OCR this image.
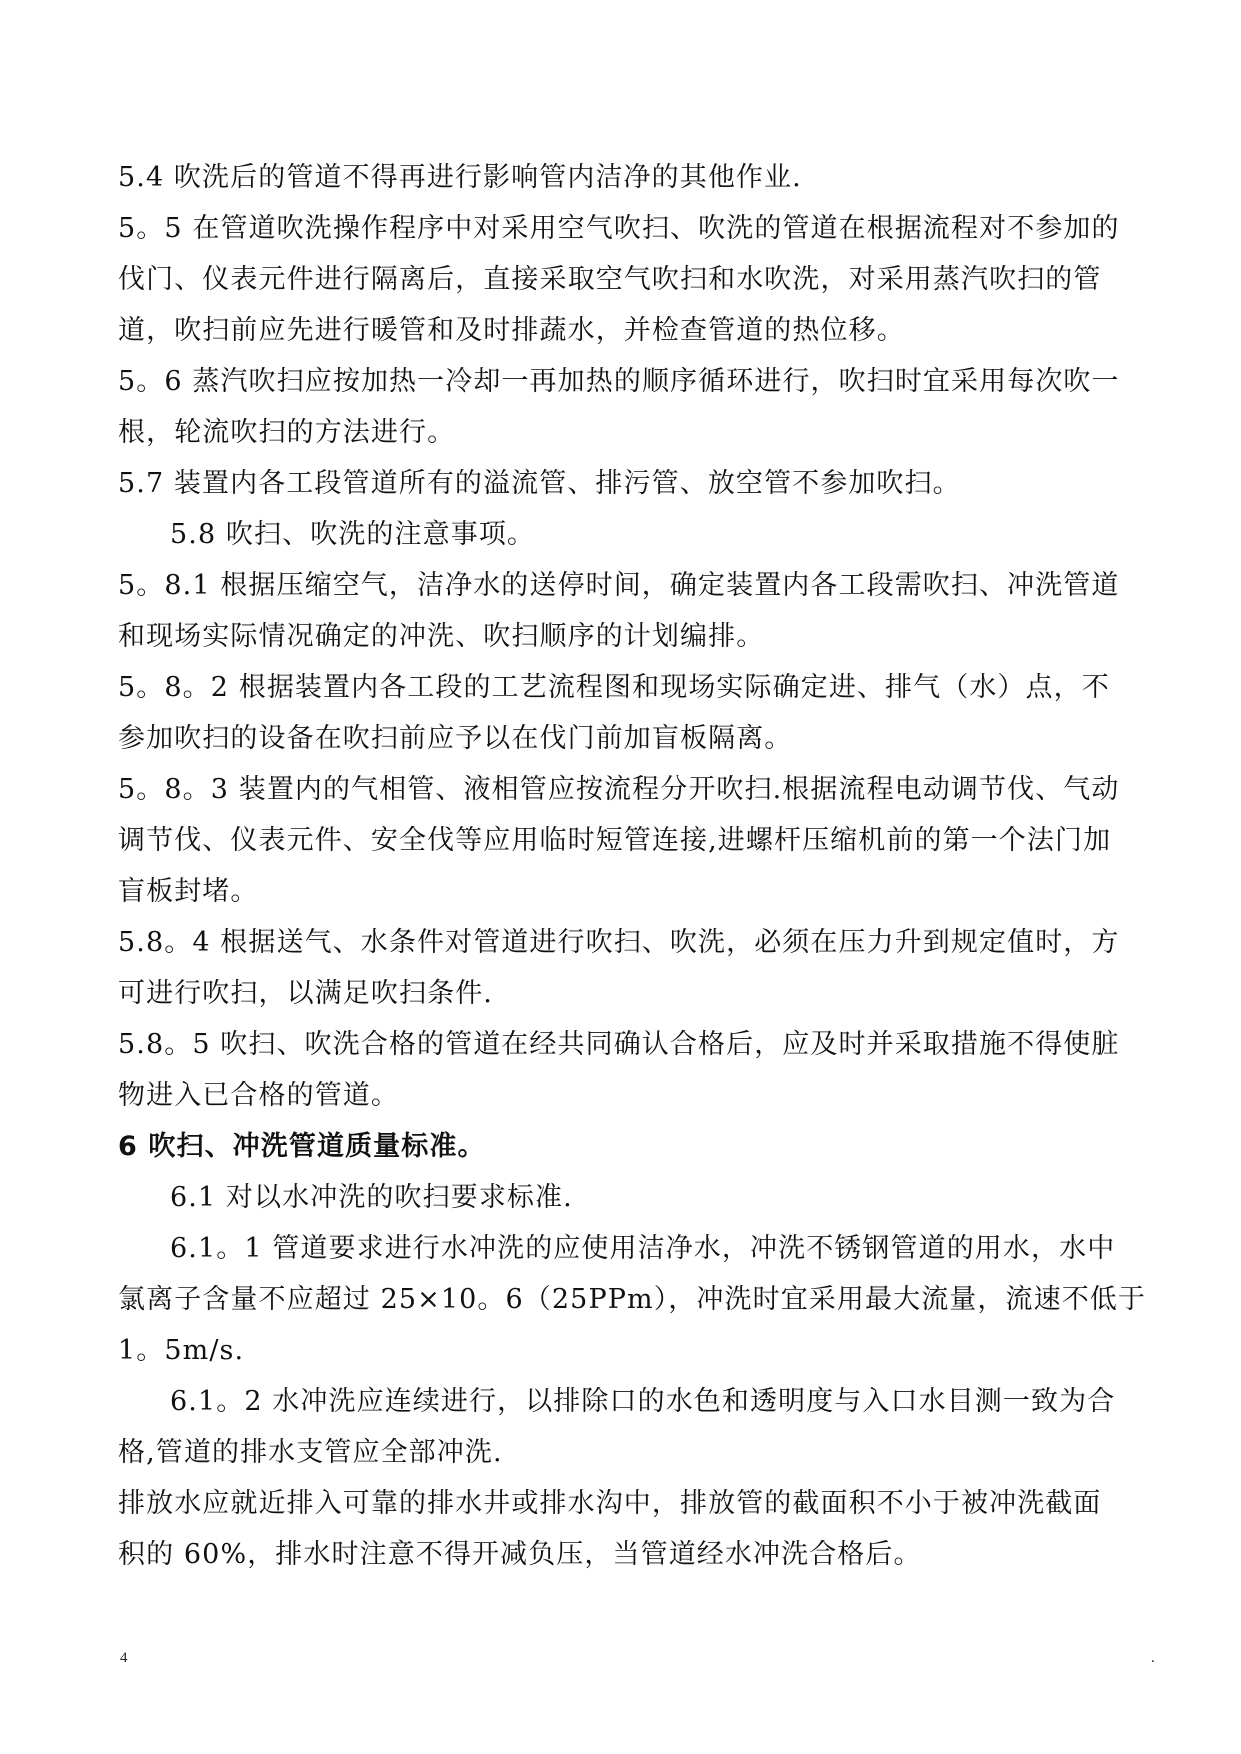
5.4 吹洗后的管道不得再进行影响管内洁净的其他作业.
5。5 在管道吹洗操作程序中对采用空气吹扫、吹洗的管道在根据流程对不参加的
伐门、仪表元件进行隔离后，直接采取空气吹扫和水吹洗，对采用蒸汽吹扫的管
道，吹扫前应先进行暖管和及时排蔬水，并检查管道的热位移。
5。6 蒸汽吹扫应按加热一冷却一再加热的顺序循环进行，吹扫时宜采用每次吹一
根，轮流吹扫的方法进行。
5.7 装置内各工段管道所有的溢流管、排污管、放空管不参加吹扫。
5.8 吹扫、吹洗的注意事项。
5。8.1 根据压缩空气，洁净水的送停时间，确定装置内各工段需吹扫、冲洗管道
和现场实际情况确定的冲洗、吹扫顺序的计划编排。
5。8。2 根据装置内各工段的工艺流程图和现场实际确定进、排气（水）点，不
参加吹扫的设备在吹扫前应予以在伐门前加盲板隔离。
5。8。3 装置内的气相管、液相管应按流程分开吹扫.根据流程电动调节伐、气动
调节伐、仪表元件、安全伐等应用临时短管连接,进螺杆压缩机前的第一个法门加
盲板封堵。
5.8。4 根据送气、水条件对管道进行吹扫、吹洗，必须在压力升到规定值时，方
可进行吹扫，以满足吹扫条件.
5.8。5 吹扫、吹洗合格的管道在经共同确认合格后，应及时并采取措施不得使脏
物进入已合格的管道。
6 吹扫、冲洗管道质量标准。
6.1 对以水冲洗的吹扫要求标准.
6.1。1 管道要求进行水冲洗的应使用洁净水，冲洗不锈钢管道的用水，水中
氯离子含量不应超过 25×10。6（25PPm），冲洗时宜采用最大流量，流速不低于
1。5m/s.
6.1。2 水冲洗应连续进行，以排除口的水色和透明度与入口水目测一致为合
格,管道的排水支管应全部冲洗.
排放水应就近排入可靠的排水井或排水沟中，排放管的截面积不小于被冲洗截面
积的 60%，排水时注意不得开减负压，当管道经水冲洗合格后。
4	.
